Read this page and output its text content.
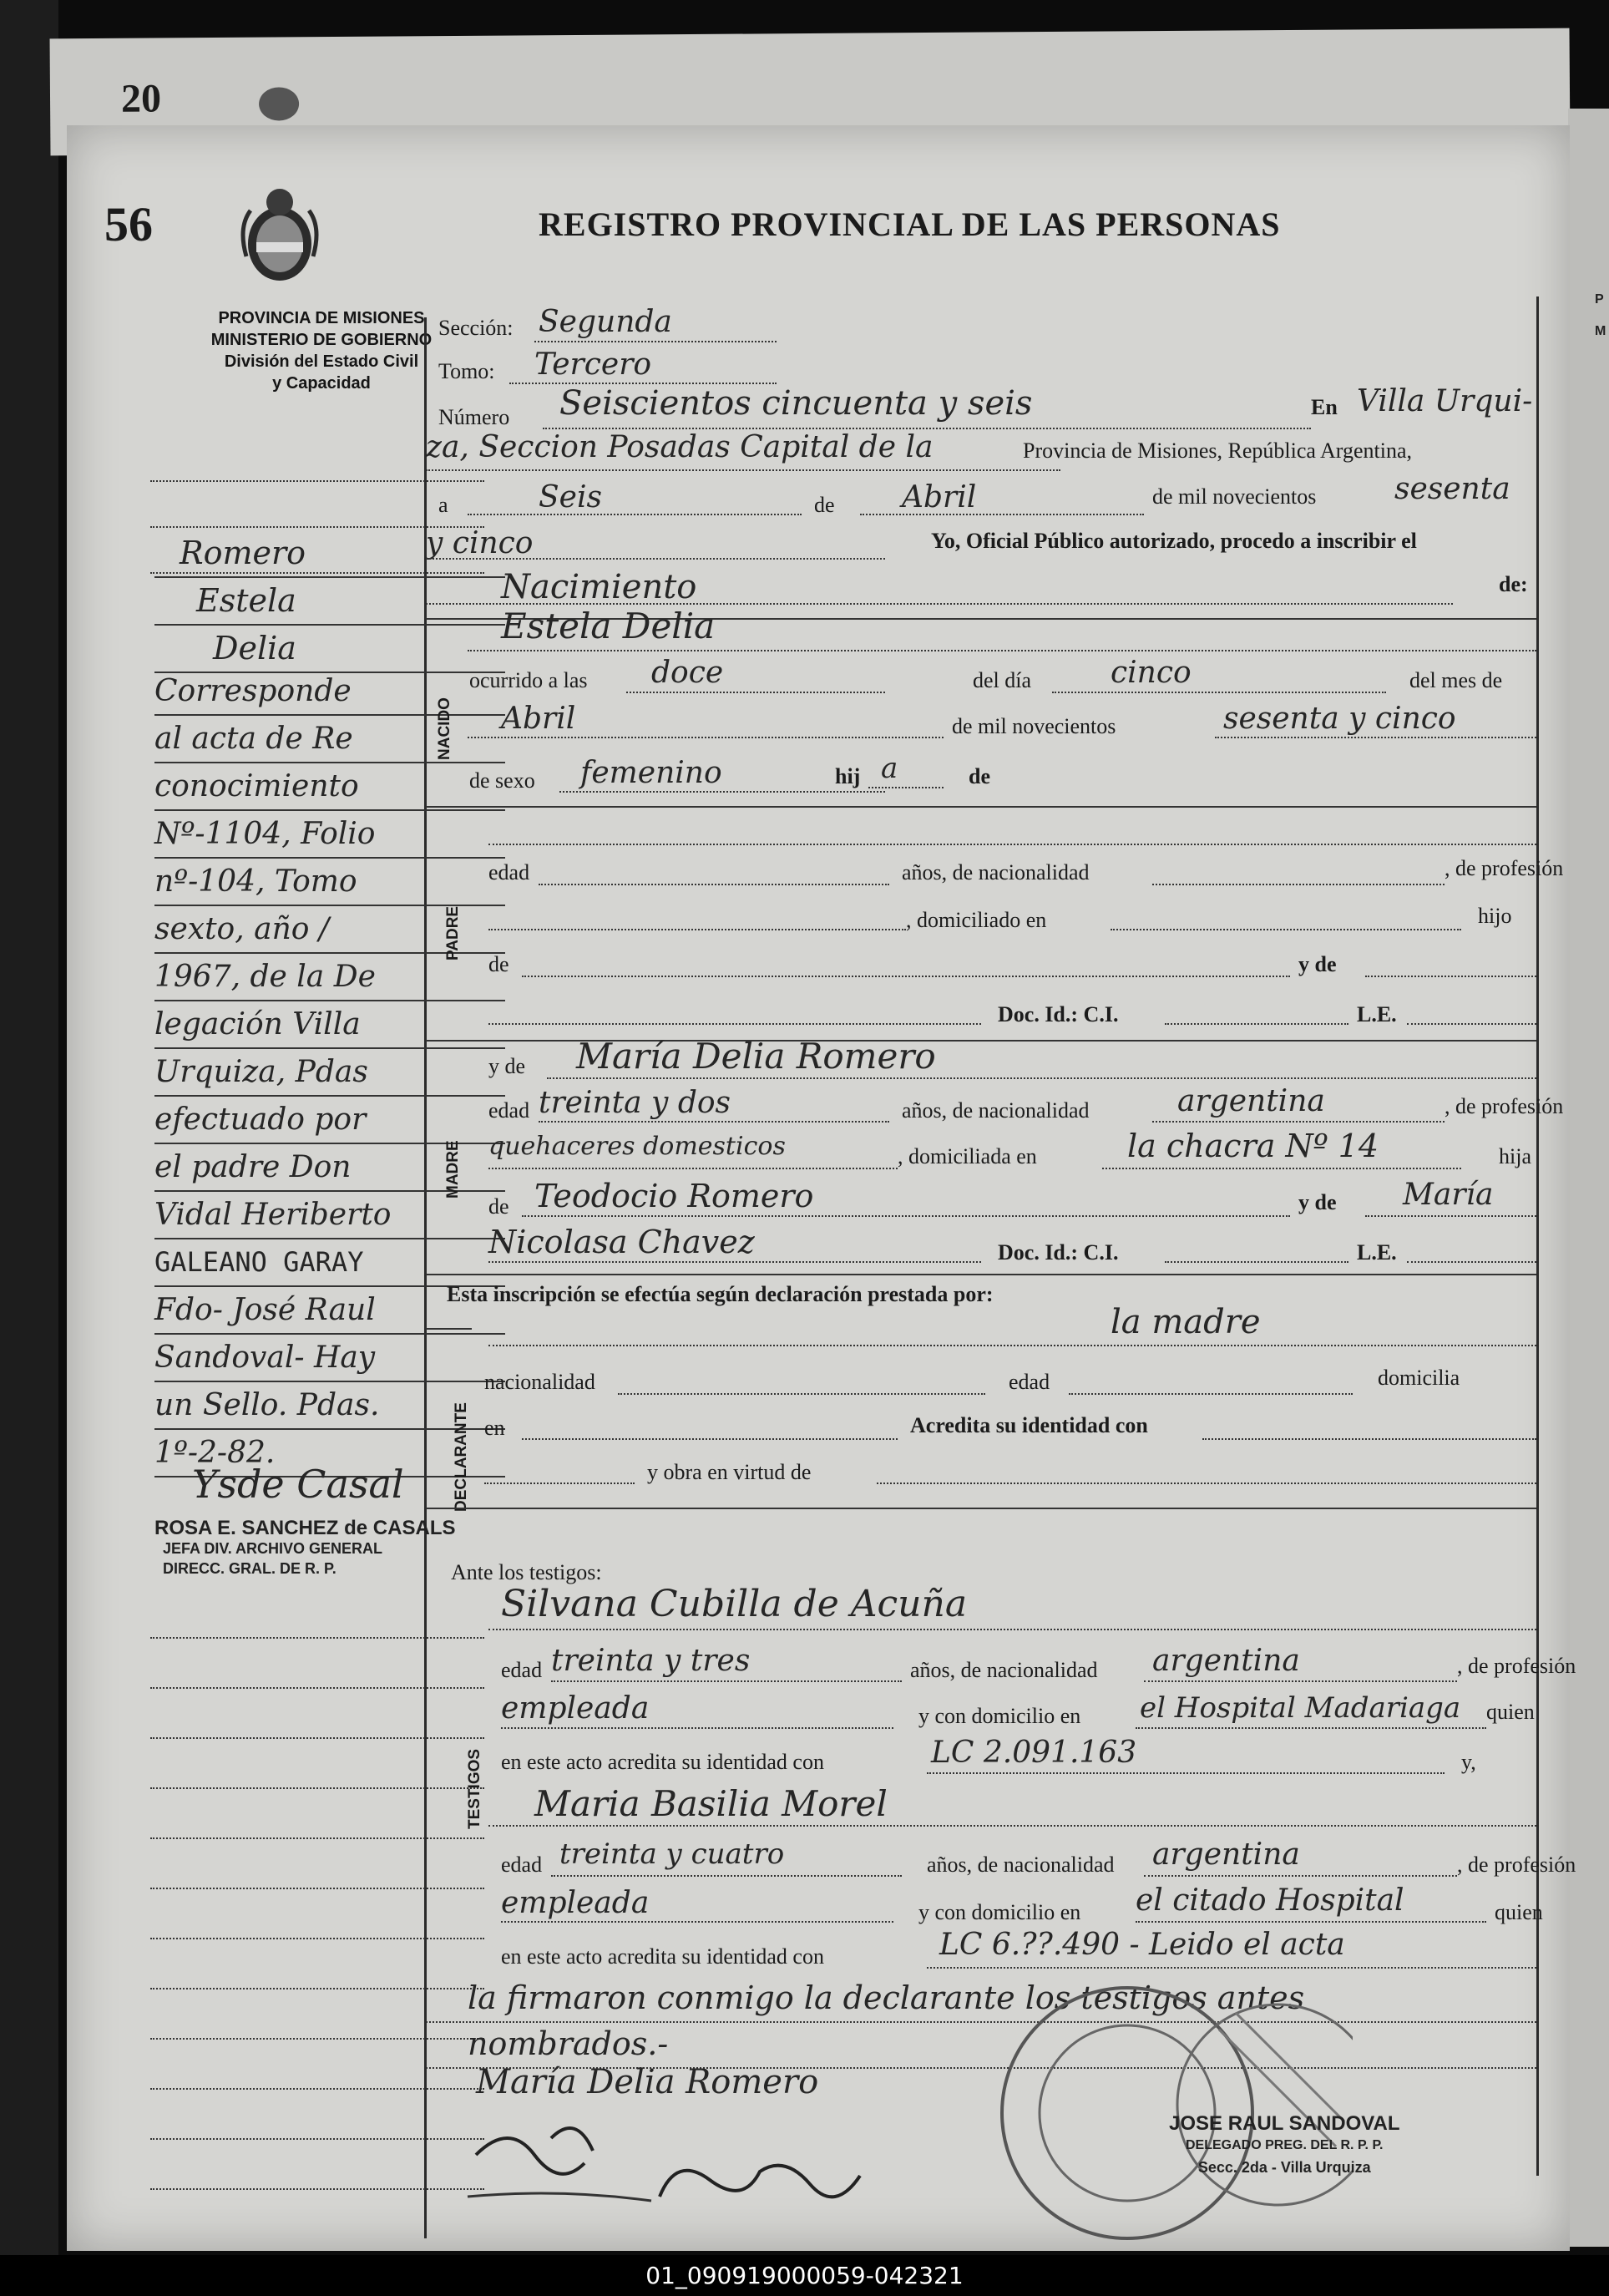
20
P
M
56	REGISTRO PROVINCIAL DE LAS PERSONAS
PROVINCIA DE MISIONES
MINISTERIO DE GOBIERNO
División del Estado Civil
y Capacidad
Romero
Estela
Delia
Corresponde
al acta de Re
conocimiento
Nº-1104, Folio
nº-104, Tomo
sexto, año /
1967, de la De
legación Villa
Urquiza, Pdas
efectuado por
el padre Don
Vidal Heriberto
GALEANO GARAY
Fdo- José Raul
Sandoval- Hay
un Sello. Pdas.
1º-2-82.
Ysde Casal
ROSA E. SANCHEZ de CASALS
JEFA DIV. ARCHIVO GENERAL
DIRECC. GRAL. DE R. P.
Sección: Segunda
Tomo: Tercero
Número Seiscientos cincuenta y seis	En Villa Urqui-
za, Seccion Posadas Capital de la	Provincia de Misiones, República Argentina,
a	Seis	de Abril	de mil novecientos	sesenta
y cinco	Yo, Oficial Público autorizado, procedo a inscribir el
Nacimiento	de:
NACIDO
Estela Delia
ocurrido a las doce	del día	cinco	del mes de
Abril	de mil novecientos	sesenta y cinco
de sexo femenino	hij a	de
PADRE
edad	años, de nacionalidad	, de profesión
, domiciliado en	hijo
de	y de
Doc. Id.: C.I.	L.E.
MADRE
y de María Delia Romero
edad treinta y dos	años, de nacionalidad	argentina	, de profesión
quehaceres domesticos	, domiciliada en	la chacra Nº 14	hija
de Teodocio Romero	y de María
Nicolasa Chavez	Doc. Id.: C.I.	L.E.
Esta inscripción se efectúa según declaración prestada por:
la madre
DECLARANTE
nacionalidad	edad	domicilia
en	Acredita su identidad con
y obra en virtud de
Ante los testigos:
Silvana Cubilla de Acuña
TESTIGOS
edad treinta y tres	años, de nacionalidad argentina	, de profesión
empleada	y con domicilio en el Hospital Madariaga quien
en este acto acredita su identidad con	LC 2.091.163	y,
Maria Basilia Morel
edad treinta y cuatro	años, de nacionalidad argentina	, de profesión
empleada	y con domicilio en el citado Hospital	quien
en este acto acredita su identidad con	LC 6.??.490 - Leido el acta
la firmaron conmigo la declarante los testigos antes
nombrados.-
María Delia Romero
JOSE RAUL SANDOVAL
DELEGADO PREG. DEL R. P. P.
Secc. 2da - Villa Urquiza
01_090919000059-042321
